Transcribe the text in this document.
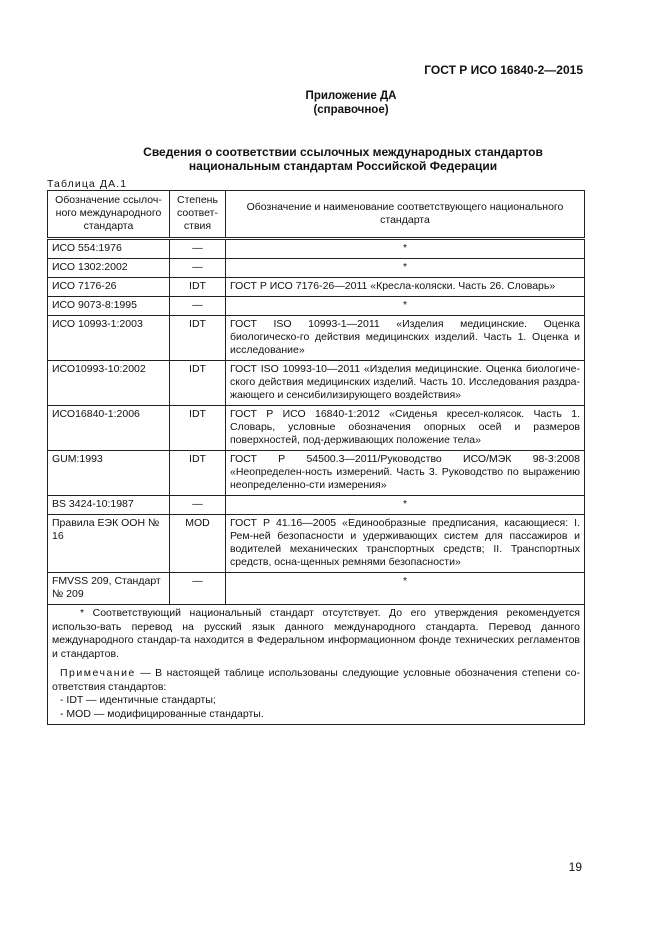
ГОСТ Р ИСО 16840-2—2015
Приложение ДА
(справочное)
Сведения о соответствии ссылочных международных стандартов
национальным стандартам Российской Федерации
Таблица ДА.1
Обозначение ссылоч-ного международного стандарта	Степень соответ-ствия	Обозначение и наименование соответствующего национального стандарта
ИСО 554:1976	—	*
ИСО 1302:2002	—	*
ИСО 7176-26	IDT	ГОСТ Р ИСО 7176-26—2011 «Кресла-коляски. Часть 26. Словарь»
ИСО 9073-8:1995	—	*
ИСО 10993-1:2003	IDT	ГОСТ ISO 10993-1—2011 «Изделия медицинские. Оценка биологическо-го действия медицинских изделий. Часть 1. Оценка и исследование»
ИСО10993-10:2002	IDT	ГОСТ ISO 10993-10—2011 «Изделия медицинские. Оценка биологиче-ского действия медицинских изделий. Часть 10. Исследования раздра-жающего и сенсибилизирующего воздействия»
ИСО16840-1:2006	IDT	ГОСТ Р ИСО 16840-1:2012 «Сиденья кресел-колясок. Часть 1. Словарь, условные обозначения опорных осей и размеров поверхностей, под-держивающих положение тела»
GUM:1993	IDT	ГОСТ Р 54500.3—2011/Руководство ИСО/МЭК 98-3:2008 «Неопределен-ность измерений. Часть 3. Руководство по выражению неопределенно-сти измерения»
BS 3424-10:1987	—	*
Правила ЕЭК ООН № 16	MOD	ГОСТ Р 41.16—2005 «Единообразные предписания, касающиеся: I. Рем-ней безопасности и удерживающих систем для пассажиров и водителей механических транспортных средств; II. Транспортных средств, осна-щенных ремнями безопасности»
FMVSS 209, Стандарт № 209	—	*

* Соответствующий национальный стандарт отсутствует. До его утверждения рекомендуется использо-вать перевод на русский язык данного международного стандарта. Перевод данного международного стандар-та находится в Федеральном информационном фонде технических регламентов и стандартов.

Примечание — В настоящей таблице использованы следующие условные обозначения степени со-ответствия стандартов:

- IDT — идентичные стандарты;

- MOD — модифицированные стандарты.		

19
